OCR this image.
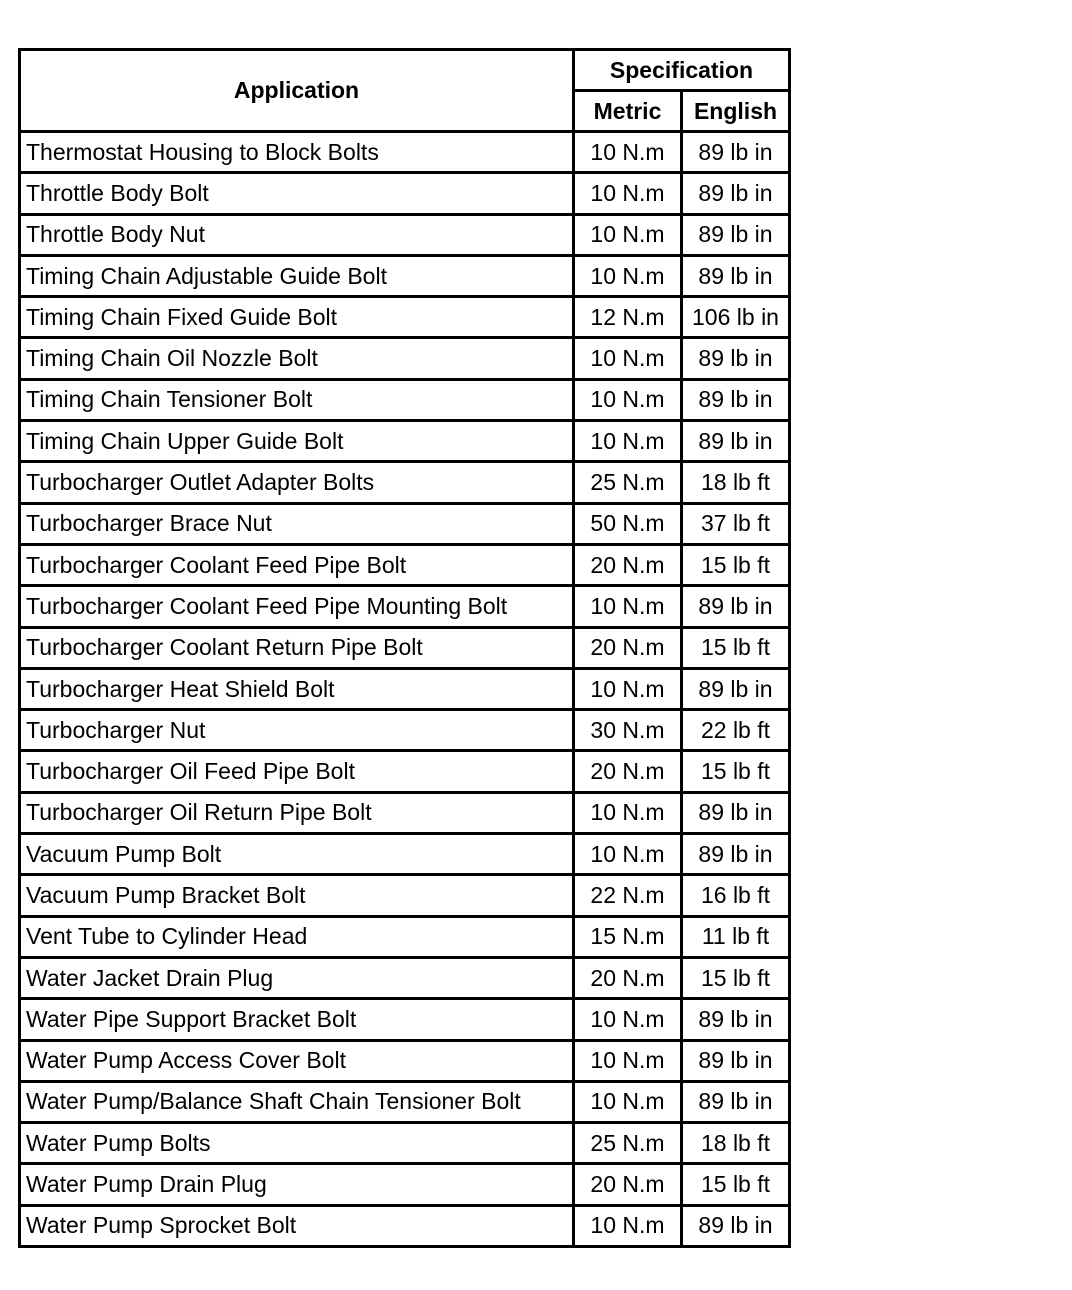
Application	Specification	
	Metric	English
Thermostat Housing to Block Bolts	10 N.m	89 lb in
Throttle Body Bolt	10 N.m	89 lb in
Throttle Body Nut	10 N.m	89 lb in
Timing Chain Adjustable Guide Bolt	10 N.m	89 lb in
Timing Chain Fixed Guide Bolt	12 N.m	106 lb in
Timing Chain Oil Nozzle Bolt	10 N.m	89 lb in
Timing Chain Tensioner Bolt	10 N.m	89 lb in
Timing Chain Upper Guide Bolt	10 N.m	89 lb in
Turbocharger Outlet Adapter Bolts	25 N.m	18 lb ft
Turbocharger Brace Nut	50 N.m	37 lb ft
Turbocharger Coolant Feed Pipe Bolt	20 N.m	15 lb ft
Turbocharger Coolant Feed Pipe Mounting Bolt	10 N.m	89 lb in
Turbocharger Coolant Return Pipe Bolt	20 N.m	15 lb ft
Turbocharger Heat Shield Bolt	10 N.m	89 lb in
Turbocharger Nut	30 N.m	22 lb ft
Turbocharger Oil Feed Pipe Bolt	20 N.m	15 lb ft
Turbocharger Oil Return Pipe Bolt	10 N.m	89 lb in
Vacuum Pump Bolt	10 N.m	89 lb in
Vacuum Pump Bracket Bolt	22 N.m	16 lb ft
Vent Tube to Cylinder Head	15 N.m	11 lb ft
Water Jacket Drain Plug	20 N.m	15 lb ft
Water Pipe Support Bracket Bolt	10 N.m	89 lb in
Water Pump Access Cover Bolt	10 N.m	89 lb in
Water Pump/Balance Shaft Chain Tensioner Bolt	10 N.m	89 lb in
Water Pump Bolts	25 N.m	18 lb ft
Water Pump Drain Plug	20 N.m	15 lb ft
Water Pump Sprocket Bolt	10 N.m	89 lb in
